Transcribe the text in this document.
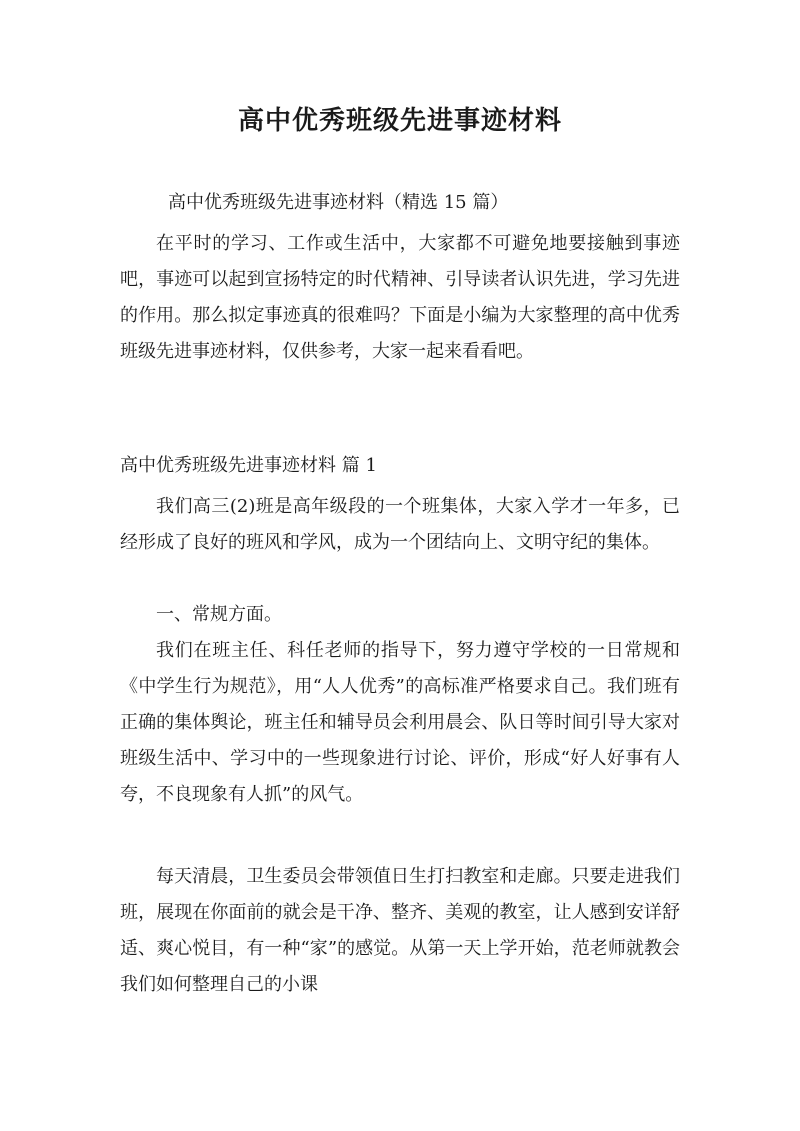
高中优秀班级先进事迹材料

高中优秀班级先进事迹材料（精选 15 篇）

在平时的学习、工作或生活中，大家都不可避免地要接触到事迹吧，事迹可以起到宣扬特定的时代精神、引导读者认识先进，学习先进的作用。那么拟定事迹真的很难吗？下面是小编为大家整理的高中优秀班级先进事迹材料，仅供参考，大家一起来看看吧。

高中优秀班级先进事迹材料 篇 1

我们高三(2)班是高年级段的一个班集体，大家入学才一年多，已经形成了良好的班风和学风，成为一个团结向上、文明守纪的集体。

一、常规方面。

我们在班主任、科任老师的指导下，努力遵守学校的一日常规和《中学生行为规范》，用“人人优秀”的高标准严格要求自己。我们班有正确的集体舆论，班主任和辅导员会利用晨会、队日等时间引导大家对班级生活中、学习中的一些现象进行讨论、评价，形成“好人好事有人夸，不良现象有人抓”的风气。

每天清晨，卫生委员会带领值日生打扫教室和走廊。只要走进我们班，展现在你面前的就会是干净、整齐、美观的教室，让人感到安详舒适、爽心悦目，有一种“家”的感觉。从第一天上学开始，范老师就教会我们如何整理自己的小课
